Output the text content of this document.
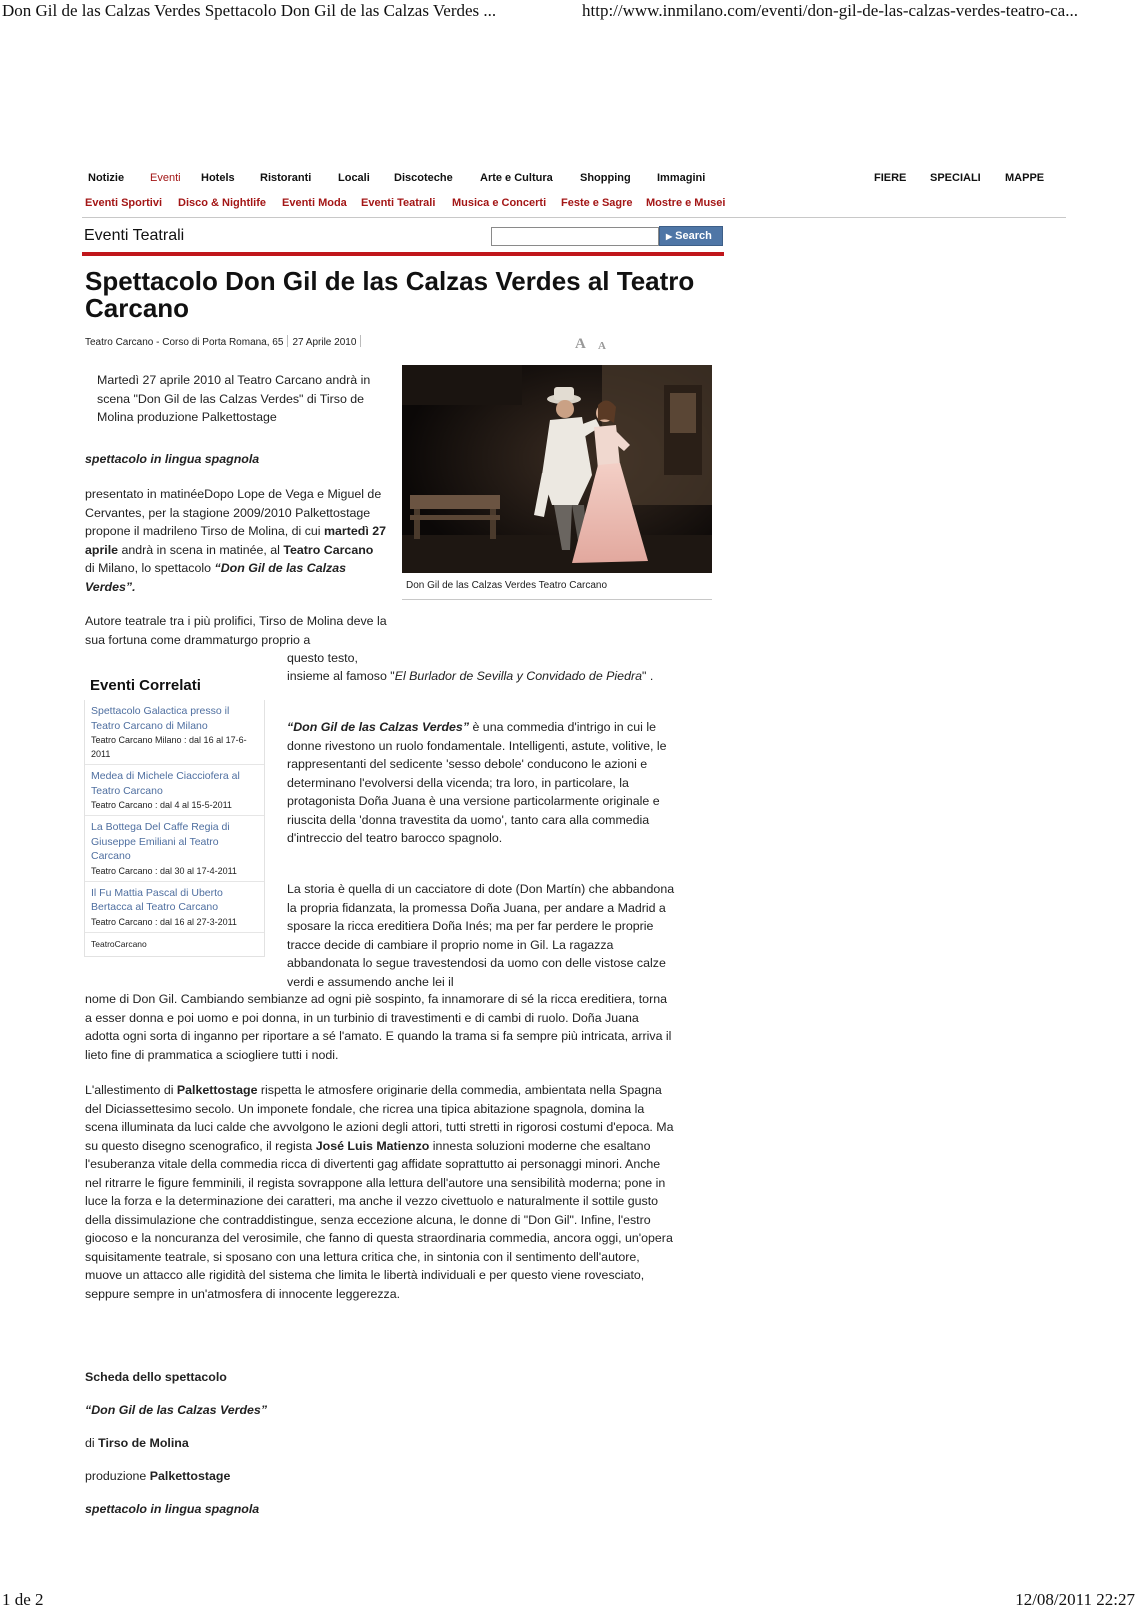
Don Gil de las Calzas Verdes Spettacolo Don Gil de las Calzas Verdes ...	http://www.inmilano.com/eventi/don-gil-de-las-calzas-verdes-teatro-ca...
Notizie Eventi Hotels Ristoranti Locali Discoteche Arte e Cultura Shopping Immagini	FIERE SPECIALI MAPPE
Eventi Sportivi Disco & Nightlife Eventi Moda Eventi Teatrali Musica e Concerti Feste e Sagre Mostre e Musei
Eventi Teatrali	▶ Search
Spettacolo Don Gil de las Calzas Verdes al Teatro Carcano
Teatro Carcano - Corso di Porta Romana, 65 27 Aprile 2010	A A
Don Gil de las Calzas Verdes Teatro Carcano

Martedì 27 aprile 2010 al Teatro Carcano andrà in scena "Don Gil de las Calzas Verdes" di Tirso de Molina produzione Palkettostage

spettacolo in lingua spagnola

presentato in matinéeDopo Lope de Vega e Miguel de Cervantes, per la stagione 2009/2010 Palkettostage propone il madrileno Tirso de Molina, di cui martedì 27 aprile andrà in scena in matinée, al Teatro Carcano di Milano, lo spettacolo “Don Gil de las Calzas Verdes”.

Autore teatrale tra i più prolifici, Tirso de Molina deve la sua fortuna come drammaturgo proprio a

questo testo,

insieme al famoso "El Burlador de Sevilla y Convidado de Piedra" .

Eventi Correlati
Spettacolo Galactica presso il Teatro Carcano di Milano
Teatro Carcano Milano : dal 16 al 17-6-2011
Medea di Michele Ciacciofera al Teatro Carcano
Teatro Carcano : dal 4 al 15-5-2011
La Bottega Del Caffe Regia di Giuseppe Emiliani al Teatro Carcano
Teatro Carcano : dal 30 al 17-4-2011
Il Fu Mattia Pascal di Uberto Bertacca al Teatro Carcano
Teatro Carcano : dal 16 al 27-3-2011
TeatroCarcano

“Don Gil de las Calzas Verdes” è una commedia d'intrigo in cui le donne rivestono un ruolo fondamentale. Intelligenti, astute, volitive, le rappresentanti del sedicente 'sesso debole' conducono le azioni e determinano l'evolversi della vicenda; tra loro, in particolare, la protagonista Doña Juana è una versione particolarmente originale e riuscita della 'donna travestita da uomo', tanto cara alla commedia d'intreccio del teatro barocco spagnolo.

La storia è quella di un cacciatore di dote (Don Martín) che abbandona la propria fidanzata, la promessa Doña Juana, per andare a Madrid a sposare la ricca ereditiera Doña Inés; ma per far perdere le proprie tracce decide di cambiare il proprio nome in Gil. La ragazza abbandonata lo segue travestendosi da uomo con delle vistose calze verdi e assumendo anche lei il

nome di Don Gil. Cambiando sembianze ad ogni piè sospinto, fa innamorare di sé la ricca ereditiera, torna a esser donna e poi uomo e poi donna, in un turbinio di travestimenti e di cambi di ruolo. Doña Juana adotta ogni sorta di inganno per riportare a sé l'amato. E quando la trama si fa sempre più intricata, arriva il lieto fine di prammatica a sciogliere tutti i nodi.

L'allestimento di Palkettostage rispetta le atmosfere originarie della commedia, ambientata nella Spagna del Diciassettesimo secolo. Un imponete fondale, che ricrea una tipica abitazione spagnola, domina la scena illuminata da luci calde che avvolgono le azioni degli attori, tutti stretti in rigorosi costumi d'epoca. Ma su questo disegno scenografico, il regista José Luis Matienzo innesta soluzioni moderne che esaltano l'esuberanza vitale della commedia ricca di divertenti gag affidate soprattutto ai personaggi minori. Anche nel ritrarre le figure femminili, il regista sovrappone alla lettura dell'autore una sensibilità moderna; pone in luce la forza e la determinazione dei caratteri, ma anche il vezzo civettuolo e naturalmente il sottile gusto della dissimulazione che contraddistingue, senza eccezione alcuna, le donne di "Don Gil". Infine, l'estro giocoso e la noncuranza del verosimile, che fanno di questa straordinaria commedia, ancora oggi, un'opera squisitamente teatrale, si sposano con una lettura critica che, in sintonia con il sentimento dell'autore, muove un attacco alle rigidità del sistema che limita le libertà individuali e per questo viene rovesciato, seppure sempre in un'atmosfera di innocente leggerezza.

Scheda dello spettacolo

“Don Gil de las Calzas Verdes”

di Tirso de Molina

produzione Palkettostage

spettacolo in lingua spagnola

1 de 2	12/08/2011 22:27
